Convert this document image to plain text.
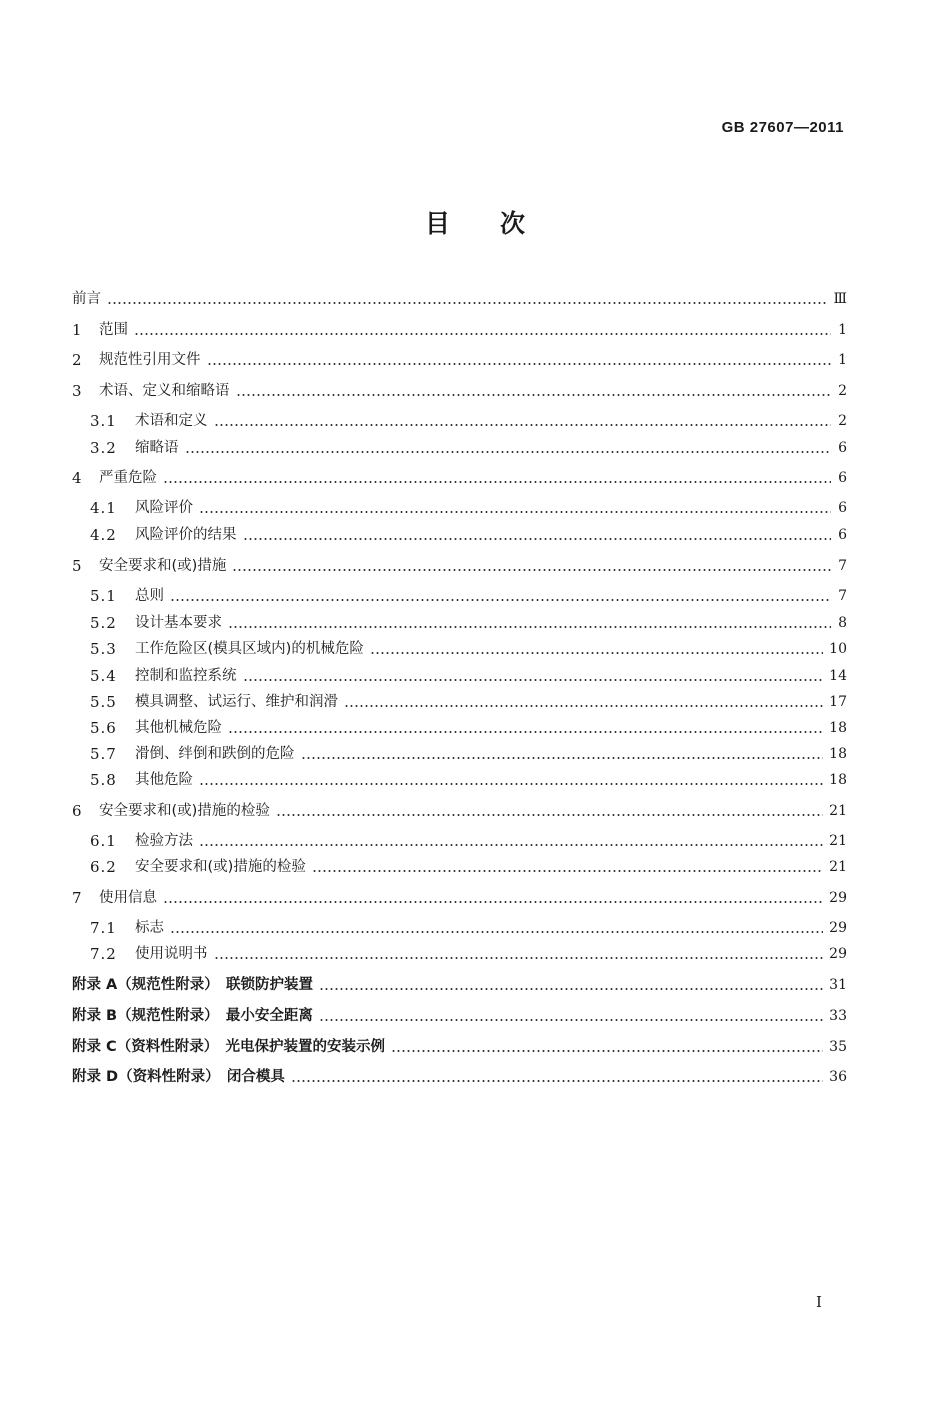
GB 27607—2011
目次
前言	Ⅲ
1	范围	1
2	规范性引用文件	1
3	术语、定义和缩略语	2
3.1	术语和定义	2
3.2	缩略语	6
4	严重危险	6
4.1	风险评价	6
4.2	风险评价的结果	6
5	安全要求和(或)措施	7
5.1	总则	7
5.2	设计基本要求	8
5.3	工作危险区(模具区域内)的机械危险	10
5.4	控制和监控系统	14
5.5	模具调整、试运行、维护和润滑	17
5.6	其他机械危险	18
5.7	滑倒、绊倒和跌倒的危险	18
5.8	其他危险	18
6	安全要求和(或)措施的检验	21
6.1	检验方法	21
6.2	安全要求和(或)措施的检验	21
7	使用信息	29
7.1	标志	29
7.2	使用说明书	29
附录 A（规范性附录）　联锁防护装置	31
附录 B（规范性附录）　最小安全距离	33
附录 C（资料性附录）　光电保护装置的安装示例	35
附录 D（资料性附录）　闭合模具	36
I
